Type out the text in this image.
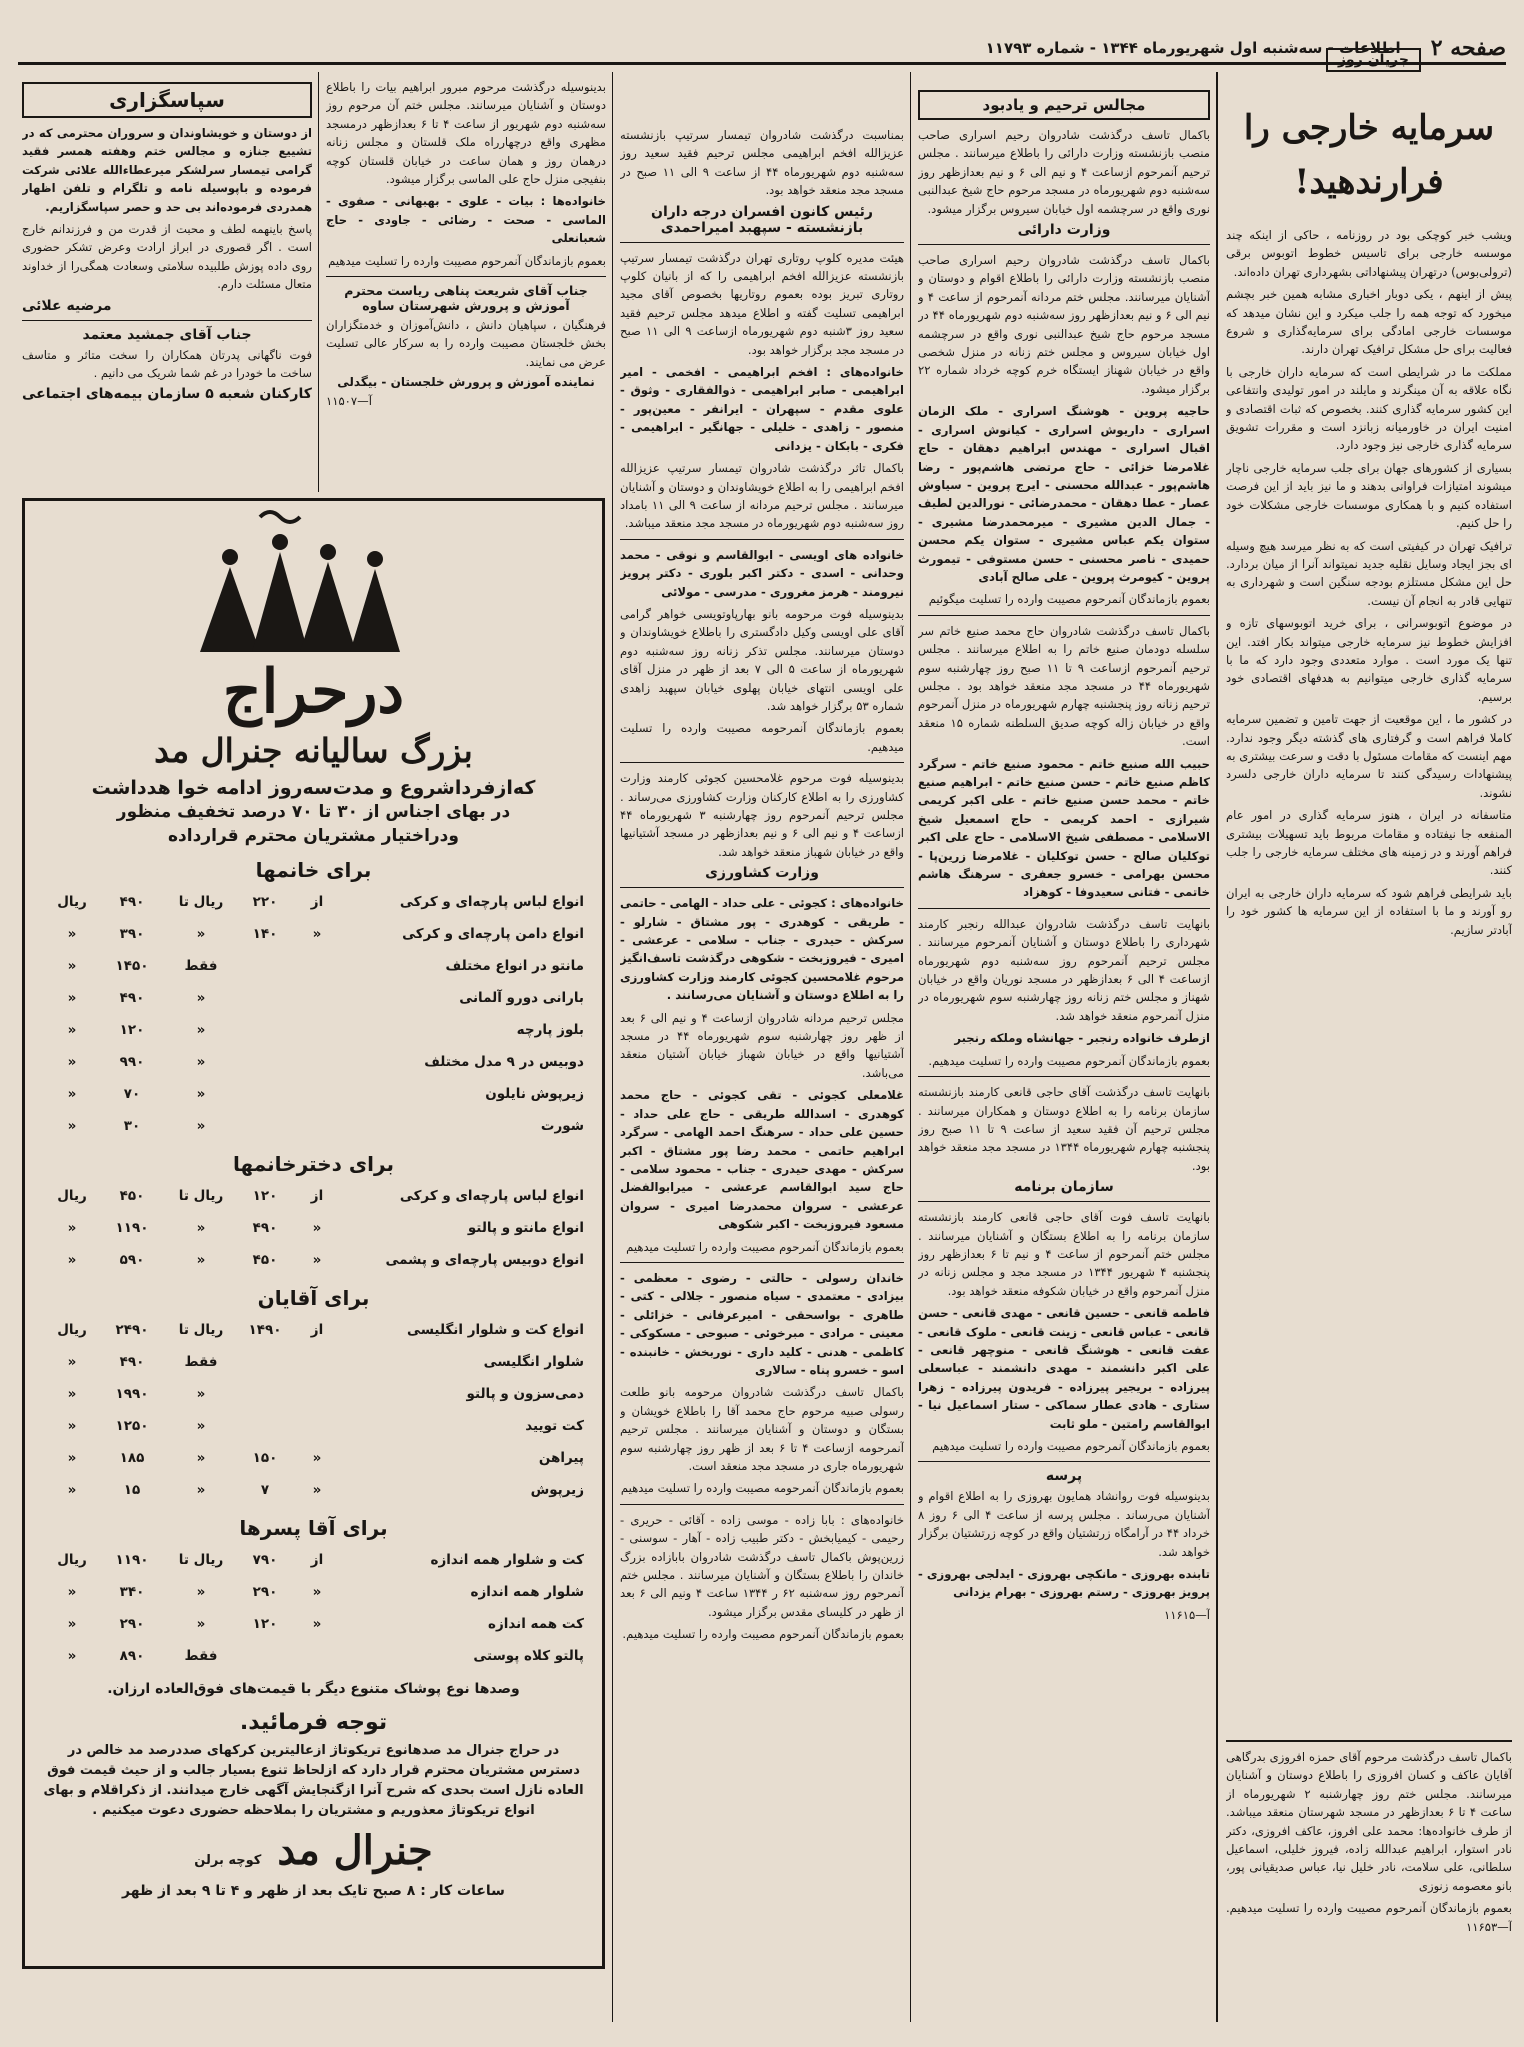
صفحه ۲
اطلاعات - سه‌شنبه اول شهریورماه ۱۳۴۴ - شماره ۱۱۷۹۳
جریان روز
سرمایه خارجی را
فرارندهید!

ویشب خبر کوچکی بود در روزنامه ، حاکی از اینکه چند موسسه خارجی برای تاسیس خطوط اتوبوس برقی (ترولی‌بوس) درتهران پیشنهاداتی بشهرداری تهران داده‌اند.

پیش از اینهم ، یکی دوبار اخباری مشابه همین خبر بچشم میخورد که توجه همه را جلب میکرد و این نشان میدهد که موسسات خارجی امادگی برای سرمایه‌گذاری و شروع فعالیت برای حل مشکل ترافیک تهران دارند.

مملکت ما در شرایطی است که سرمایه داران خارجی با نگاه علاقه به آن مینگرند و مایلند در امور تولیدی وانتفاعی این کشور سرمایه گذاری کنند. بخصوص که ثبات اقتصادی و امنیت ایران در خاورمیانه زبانزد است و مقررات تشویق سرمایه گذاری خارجی نیز وجود دارد.

بسیاری از کشورهای جهان برای جلب سرمایه خارجی ناچار میشوند امتیازات فراوانی بدهند و ما نیز باید از این فرصت استفاده کنیم و با همکاری موسسات خارجی مشکلات خود را حل کنیم.

ترافیک تهران در کیفیتی است که به نظر میرسد هیچ وسیله ای بجز ایجاد وسایل نقلیه جدید نمیتواند آنرا از میان بردارد. حل این مشکل مستلزم بودجه سنگین است و شهرداری به تنهایی قادر به انجام آن نیست.

در موضوع اتوبوسرانی ، برای خرید اتوبوسهای تازه و افزایش خطوط نیز سرمایه خارجی میتواند بکار افتد. این تنها یک مورد است . موارد متعددی وجود دارد که ما با سرمایه گذاری خارجی میتوانیم به هدفهای اقتصادی خود برسیم.

در کشور ما ، این موقعیت از جهت تامین و تضمین سرمایه کاملا فراهم است و گرفتاری های گذشته دیگر وجود ندارد. مهم اینست که مقامات مسئول با دقت و سرعت بیشتری به پیشنهادات رسیدگی کنند تا سرمایه داران خارجی دلسرد نشوند.

متاسفانه در ایران ، هنوز سرمایه گذاری در امور عام المنفعه جا نیفتاده و مقامات مربوط باید تسهیلات بیشتری فراهم آورند و در زمینه های مختلف سرمایه خارجی را جلب کنند.

باید شرایطی فراهم شود که سرمایه داران خارجی به ایران رو آورند و ما با استفاده از این سرمایه ها کشور خود را آبادتر سازیم.

باکمال تاسف درگذشت مرحوم آقای حمزه افروزی بدرگاهی آقایان عاکف و کسان افروزی را باطلاع دوستان و آشنایان میرسانند. مجلس ختم روز چهارشنبه ۲ شهریورماه از ساعت ۴ تا ۶ بعدازظهر در مسجد شهرستان منعقد میباشد. از طرف خانواده‌ها: محمد علی افروز، عاکف افروزی، دکتر نادر استوار، ابراهیم عبدالله زاده، فیروز خلیلی، اسماعیل سلطانی، علی سلامت، نادر خلیل نیا، عباس صدیقیانی پور، بانو معصومه زنوزی

بعموم بازماندگان آنمرحوم مصیبت وارده را تسلیت میدهیم. آ—۱۱۶۵۳

مجالس ترحیم و یادبود

باکمال تاسف درگذشت شادروان رحیم اسراری صاحب منصب بازنشسته وزارت دارائی را باطلاع میرسانند . مجلس ترحیم آنمرحوم ازساعت ۴ و نیم الی ۶ و نیم بعدازظهر روز سه‌شنبه دوم شهریورماه در مسجد مرحوم حاج شیخ عبدالنبی نوری واقع در سرچشمه اول خیابان سیروس برگزار میشود.

وزارت دارائی

باکمال تاسف درگذشت شادروان رحیم اسراری صاحب منصب بازنشسته وزارت دارائی را باطلاع اقوام و دوستان و آشنایان میرسانند. مجلس ختم مردانه آنمرحوم از ساعت ۴ و نیم الی ۶ و نیم بعدازظهر روز سه‌شنبه دوم شهریورماه ۴۴ در مسجد مرحوم حاج شیخ عبدالنبی نوری واقع در سرچشمه اول خیابان سیروس و مجلس ختم زنانه در منزل شخصی واقع در خیابان شهناز ایستگاه خرم کوچه خرداد شماره ۲۲ برگزار میشود.

حاجیه پروین - هوشنگ اسراری - ملک الزمان اسراری - داریوش اسراری - کیانوش اسراری - اقبال اسراری - مهندس ابراهیم دهقان - حاج غلامرضا خزائی - حاج مرتضی هاشم‌پور - رضا هاشم‌پور - عبدالله محسنی - ایرج پروین - سیاوش عصار - عطا دهقان - محمدرضائی - نورالدین لطیف - جمال الدین مشیری - میرمحمدرضا مشیری - ستوان یکم عباس مشیری - ستوان یکم محسن حمیدی - ناصر محسنی - حسن مستوفی - تیمورث پروین - کیومرث پروین - علی صالح آبادی

بعموم بازماندگان آنمرحوم مصیبت وارده را تسلیت میگوئیم

باکمال تاسف درگذشت شادروان حاج محمد صنیع خاتم سر سلسله دودمان صنیع خاتم را به اطلاع میرسانند . مجلس ترحیم آنمرحوم ازساعت ۹ تا ۱۱ صبح روز چهارشنبه سوم شهریورماه ۴۴ در مسجد مجد منعقد خواهد بود . مجلس ترحیم زنانه روز پنجشنبه چهارم شهریورماه در منزل آنمرحوم واقع در خیابان زاله کوچه صدیق السلطنه شماره ۱۵ منعقد است.

حبیب الله صنیع خاتم - محمود صنیع خاتم - سرگرد کاظم صنیع خاتم - حسن صنیع خاتم - ابراهیم صنیع خاتم - محمد حسن صنیع خاتم - علی اکبر کریمی شیرازی - احمد کریمی - حاج اسمعیل شیخ الاسلامی - مصطفی شیخ الاسلامی - حاج علی اکبر توکلیان صالح - حسن توکلیان - غلامرضا زرین‌پا - محسن بهرامی - خسرو جعفری - سرهنگ هاشم خاتمی - فتانی سعیدوفا - کوهزاد

بانهایت تاسف درگذشت شادروان عبدالله رنجبر کارمند شهرداری را باطلاع دوستان و آشنایان آنمرحوم میرسانند . مجلس ترحیم آنمرحوم روز سه‌شنبه دوم شهریورماه ازساعت ۴ الی ۶ بعدازظهر در مسجد نوریان واقع در خیابان شهناز و مجلس ختم زنانه روز چهارشنبه سوم شهریورماه در منزل آنمرحوم منعقد خواهد شد.

ازطرف خانواده رنجبر - جهانشاه وملکه رنجبر

بعموم بازماندگان آنمرحوم مصیبت وارده را تسلیت میدهیم.

بانهایت تاسف درگذشت آقای حاجی قانعی کارمند بازنشسته سازمان برنامه را به اطلاع دوستان و همکاران میرسانند . مجلس ترحیم آن فقید سعید از ساعت ۹ تا ۱۱ صبح روز پنجشنبه چهارم شهریورماه ۱۳۴۴ در مسجد مجد منعقد خواهد بود.

سازمان برنامه

بانهایت تاسف فوت آقای حاجی قانعی کارمند بازنشسته سازمان برنامه را به اطلاع بستگان و آشنایان میرسانند . مجلس ختم آنمرحوم از ساعت ۴ و نیم تا ۶ بعدازظهر روز پنجشنبه ۴ شهریور ۱۳۴۴ در مسجد مجد و مجلس زنانه در منزل آنمرحوم واقع در خیابان شکوفه منعقد خواهد بود.

فاطمه قانعی - حسین قانعی - مهدی قانعی - حسن قانعی - عباس قانعی - زینت قانعی - ملوک قانعی - عفت قانعی - هوشنگ قانعی - منوچهر قانعی - علی اکبر دانشمند - مهدی دانشمند - عباسعلی پیرزاده - بریجیر پیرزاده - فریدون پیرزاده - زهرا ستاری - هادی عطار سماکی - ستار اسماعیل نیا - ابوالقاسم رامتین - ملو ثابت

بعموم بازماندگان آنمرحوم مصیبت وارده را تسلیت میدهیم

پرسه

بدینوسیله فوت روانشاد همایون بهروزی را به اطلاع اقوام و آشنایان می‌رساند . مجلس پرسه از ساعت ۴ الی ۶ روز ۸ خرداد ۴۴ در آرامگاه زرتشتیان واقع در کوچه زرتشتیان برگزار خواهد شد.

تابنده بهروزی - مانکچی بهروزی - ایدلجی بهروزی - پرویز بهروزی - رستم بهروزی - بهرام یزدانی

آ—۱۱۶۱۵

بمناسبت درگذشت شادروان تیمسار سرتیپ بازنشسته عزیزالله افخم ابراهیمی مجلس ترحیم فقید سعید روز سه‌شنبه دوم شهریورماه ۴۴ از ساعت ۹ الی ۱۱ صبح در مسجد مجد منعقد خواهد بود.

رئیس کانون افسران درجه داران بازنشسته - سپهبد امیراحمدی

هیئت مدیره کلوپ روتاری تهران درگذشت تیمسار سرتیپ بازنشسته عزیزالله افخم ابراهیمی را که از بانیان کلوپ روتاری تبریز بوده بعموم روتاریها بخصوص آقای مجید ابراهیمی تسلیت گفته و اطلاع میدهد مجلس ترحیم فقید سعید روز ۳شنبه دوم شهریورماه ازساعت ۹ الی ۱۱ صبح در مسجد مجد برگزار خواهد بود.

خانواده‌های : افخم ابراهیمی - افخمی - امیر ابراهیمی - صابر ابراهیمی - ذوالفقاری - وثوق - علوی مقدم - سپهران - ایرانفر - معین‌پور - منصور - زاهدی - خلیلی - جهانگیر - ابراهیمی - فکری - بابکان - یزدانی

باکمال تاثر درگذشت شادروان تیمسار سرتیپ عزیزالله افخم ابراهیمی را به اطلاع خویشاوندان و دوستان و آشنایان میرسانند . مجلس ترحیم مردانه از ساعت ۹ الی ۱۱ بامداد روز سه‌شنبه دوم شهریورماه در مسجد مجد منعقد میباشد.

خانواده های اویسی - ابوالقاسم و نوقی - محمد وحدانی - اسدی - دکتر اکبر بلوری - دکتر پرویز نیرومند - هرمز مغروری - مدرسی - مولائی

بدینوسیله فوت مرحومه بانو بهارپاوتویسی خواهر گرامی آقای علی اویسی وکیل دادگستری را باطلاع خویشاوندان و دوستان میرسانند. مجلس تذکر زنانه روز سه‌شنبه دوم شهریورماه از ساعت ۵ الی ۷ بعد از ظهر در منزل آقای علی اویسی انتهای خیابان پهلوی خیابان سپهبد زاهدی شماره ۵۳ برگزار خواهد شد.

بعموم بازماندگان آنمرحومه مصیبت وارده را تسلیت میدهیم.

بدینوسیله فوت مرحوم غلامحسین کجوئی کارمند وزارت کشاورزی را به اطلاع کارکنان وزارت کشاورزی می‌رساند . مجلس ترحیم آنمرحوم روز چهارشنبه ۳ شهریورماه ۴۴ ازساعت ۴ و نیم الی ۶ و نیم بعدازظهر در مسجد آشتیانیها واقع در خیابان شهباز منعقد خواهد شد.

وزارت کشاورزی

خانواده‌های : کجوئی - علی حداد - الهامی - حاتمی - طریقی - کوهدری - پور مشتاق - شارلو - سرکش - حیدری - جناب - سلامی - عرعشی - امیری - فیروزبخت - شکوهی درگذشت تاسف‌انگیز مرحوم غلامحسین کجوئی کارمند وزارت کشاورزی را به اطلاع دوستان و آشنایان می‌رسانند .

مجلس ترحیم مردانه شادروان ازساعت ۴ و نیم الی ۶ بعد از ظهر روز چهارشنبه سوم شهریورماه ۴۴ در مسجد آشتیانیها واقع در خیابان شهباز خیابان آشتیان منعقد می‌باشد.

غلامعلی کجوئی - تقی کجوئی - حاج محمد کوهدری - اسدالله طریقی - حاج علی حداد - حسین علی حداد - سرهنگ احمد الهامی - سرگرد ابراهیم حاتمی - محمد رضا پور مشتاق - اکبر سرکش - مهدی حیدری - جناب - محمود سلامی - حاج سید ابوالقاسم عرعشی - میرابوالفضل عرعشی - سروان محمدرضا امیری - سروان مسعود فیروزبخت - اکبر شکوهی

بعموم بازماندگان آنمرحوم مصیبت وارده را تسلیت میدهیم

خاندان رسولی - حالتی - رضوی - معظمی - بیزادی - معتمدی - سیاه منصور - جلالی - کتی - طاهری - بواسحقی - امیرعرفانی - خزائلی - معینی - مرادی - مبرخوئی - صبوحی - مسکوکی - کاظمی - هدنی - کلید داری - نوربخش - خانبنده - اسو - خسرو پناه - سالاری

باکمال تاسف درگذشت شادروان مرحومه بانو طلعت رسولی صبیه مرحوم حاج محمد آقا را باطلاع خویشان و بستگان و دوستان و آشنایان میرسانند . مجلس ترحیم آنمرحومه ازساعت ۴ تا ۶ بعد از ظهر روز چهارشنبه سوم شهریورماه جاری در مسجد مجد منعقد است.

بعموم بازماندگان آنمرحومه مصیبت وارده را تسلیت میدهیم

خانواده‌های : بابا زاده - موسی زاده - آقائی - حریری - رحیمی - کیمیابخش - دکتر طبیب زاده - آهار - سوسنی - زرین‌پوش باکمال تاسف درگذشت شادروان بابازاده بزرگ خاندان را باطلاع بستگان و آشنایان میرسانند . مجلس ختم آنمرحوم روز سه‌شنبه ۶۲ ر ۱۳۴۴ ساعت ۴ ونیم الی ۶ بعد از ظهر در کلیسای مقدس برگزار میشود.

بعموم بازماندگان آنمرحوم مصیبت وارده را تسلیت میدهیم.

بدینوسیله درگذشت مرحوم مبرور ابراهیم بیات را باطلاع دوستان و آشنایان میرسانند. مجلس ختم آن مرحوم روز سه‌شنبه دوم شهریور از ساعت ۴ تا ۶ بعدازظهر درمسجد مظهری واقع درچهارراه ملک قلستان و مجلس زنانه درهمان روز و همان ساعت در خیابان قلستان کوچه بنفیجی منزل حاج علی الماسی برگزار میشود.

خانواده‌ها : بیات - علوی - بهبهانی - صفوی - الماسی - صحت - رضائی - جاودی - حاج شعبانعلی

بعموم بازماندگان آنمرحوم مصیبت وارده را تسلیت میدهیم

جناب آقای شریعت پناهی ریاست محترم آموزش و پرورش شهرستان ساوه

فرهنگیان ، سپاهیان دانش ، دانش‌آموزان و خدمتگزاران بخش خلجستان مصیبت وارده را به سرکار عالی تسلیت عرض می نمایند.

نماینده آموزش و پرورش خلجستان - بیگدلی

آ—۱۱۵۰۷

سپاسگزاری

از دوستان و خویشاوندان و سروران محترمی که در تشییع جنازه و مجالس ختم وهفته همسر فقید گرامی تیمسار سرلشکر میرعطاءالله علائی شرکت فرموده و باپوسیله نامه و تلگرام و تلفن اظهار همدردی فرموده‌اند بی حد و حصر سپاسگزاریم.

پاسخ باینهمه لطف و محبت از قدرت من و فرزندانم خارج است . اگر قصوری در ابراز ارادت وعرض تشکر حضوری روی داده پوزش طلبیده سلامتی وسعادت همگی‌را از خداوند متعال مسئلت دارم.

مرضیه علائی
جناب آقای جمشید معتمد

فوت ناگهانی پدرتان همکاران را سخت متاثر و متاسف ساخت ما خودرا در غم شما شریک می دانیم .

کارکنان شعبه ۵ سازمان بیمه‌های اجتماعی
درحراج
بزرگ سالیانه جنرال مد
که‌ازفرداشروع و مدت‌سه‌روز ادامه خوا هدداشت
در بهای اجناس از ۳۰ تا ۷۰ درصد تخفیف منظور
ودراختیار مشتریان محترم قرارداده
برای خانمها
انواع لباس پارچه‌ای و کرکی
از
۲۲۰
ریال تا
۴۹۰
ریال
انواع دامن پارچه‌ای و کرکی
«
۱۴۰
«
۳۹۰
«
مانتو در انواع مختلف
فقط
۱۴۵۰
«
بارانی دورو آلمانی
«
۴۹۰
«
بلوز پارچه
«
۱۲۰
«
دوبیس در ۹ مدل مختلف
«
۹۹۰
«
زیرپوش نایلون
«
۷۰
«
شورت
«
۳۰
«
برای دخترخانمها
انواع لباس پارچه‌ای و کرکی
از
۱۲۰
ریال تا
۴۵۰
ریال
انواع مانتو و پالتو
«
۴۹۰
«
۱۱۹۰
«
انواع دوبیس پارچه‌ای و پشمی
«
۴۵۰
«
۵۹۰
«
برای آقایان
انواع کت و شلوار انگلیسی
از
۱۴۹۰
ریال تا
۲۴۹۰
ریال
شلوار انگلیسی
فقط
۴۹۰
«
دمی‌سزون و پالتو
«
۱۹۹۰
«
کت تویید
«
۱۲۵۰
«
پیراهن
«
۱۵۰
«
۱۸۵
«
زیرپوش
«
۷
«
۱۵
«
برای آقا پسرها
کت و شلوار همه اندازه
از
۷۹۰
ریال تا
۱۱۹۰
ریال
شلوار همه اندازه
«
۲۹۰
«
۳۴۰
«
کت همه اندازه
«
۱۲۰
«
۲۹۰
«
پالتو کلاه پوستی
فقط
۸۹۰
«
وصدها نوع پوشاک متنوع دیگر با قیمت‌های فوق‌العاده ارزان.
توجه فرمائید.
در حراج جنرال مد صدهانوع تریکوتاژ ازعالیترین کرکهای صددرصد مد خالص در دسترس مشتریان محترم قرار دارد که ازلحاظ تنوع بسیار جالب و از حیث قیمت فوق العاده نازل است بحدی که شرح آنرا ازگنجایش آگهی خارج میدانند. از ذکراقلام و بهای انواع تریکوتاژ معذوریم و مشتریان را بملاحظه حضوری دعوت میکنیم .
جنرال مد
کوچه برلن
ساعات کار : ۸ صبح تایک بعد از ظهر و ۴ تا ۹ بعد از ظهر
